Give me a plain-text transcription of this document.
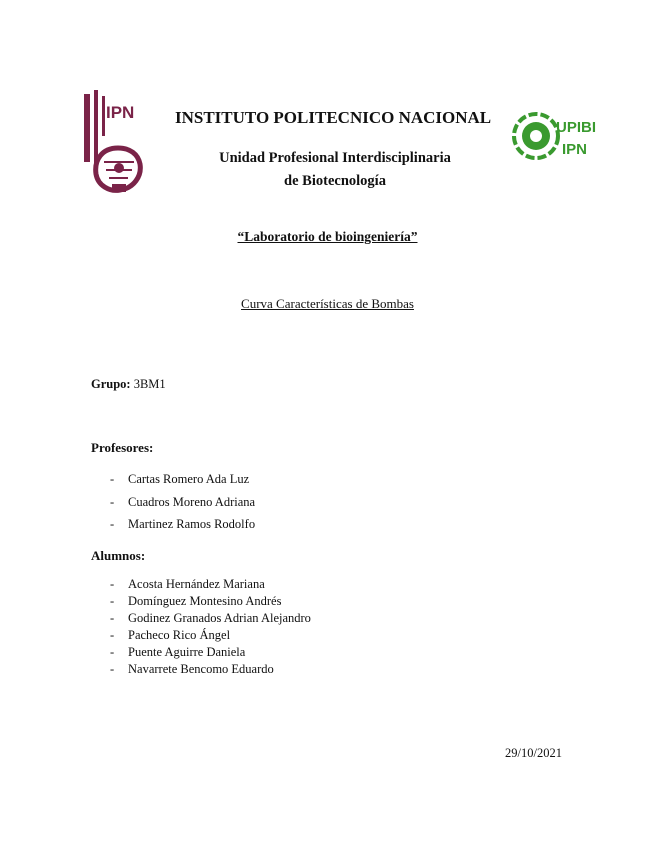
IPN
UPIBI
IPN
INSTITUTO POLITECNICO NACIONAL
Unidad Profesional Interdisciplinaria
de Biotecnología
“Laboratorio de bioingeniería”
Curva Características de Bombas
Grupo: 3BM1
Profesores:
- Cartas Romero Ada Luz
- Cuadros Moreno Adriana
- Martinez Ramos Rodolfo
Alumnos:
- Acosta Hernández Mariana
- Domínguez Montesino Andrés
- Godinez Granados Adrian Alejandro
- Pacheco Rico Ángel
- Puente Aguirre Daniela
- Navarrete Bencomo Eduardo
29/10/2021
